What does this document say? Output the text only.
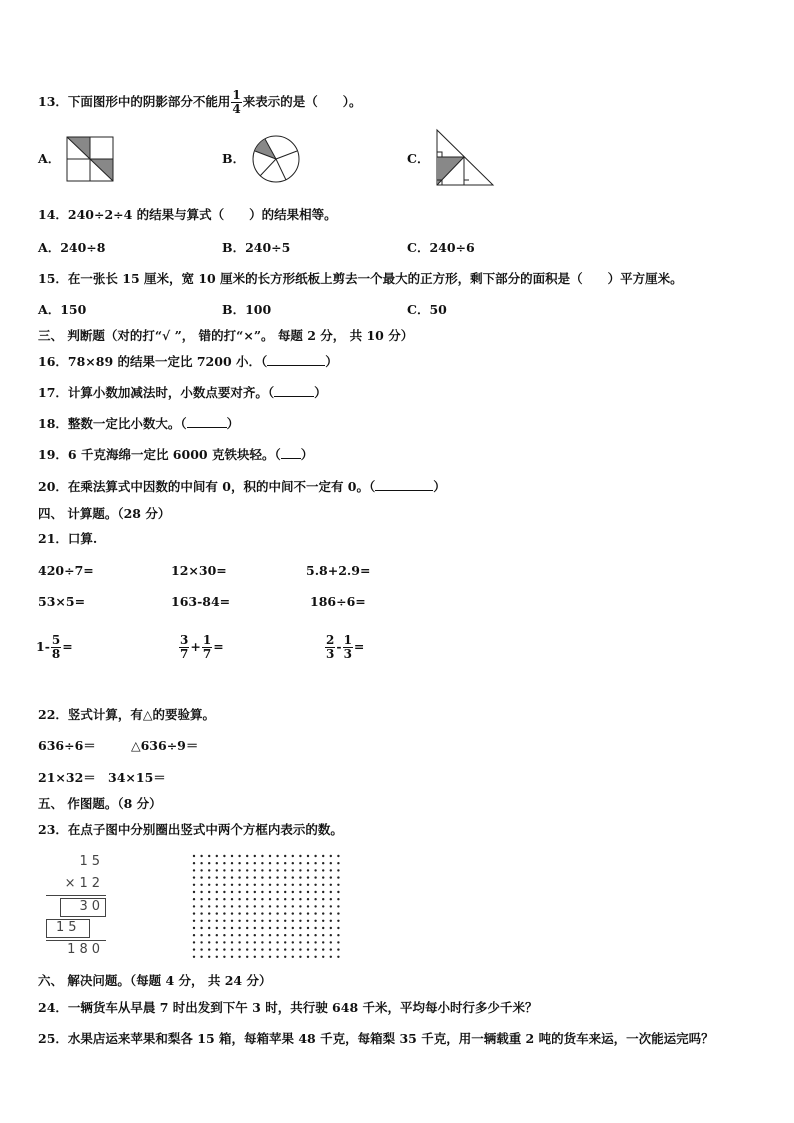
13．下面图形中的阴影部分不能用 $\frac{1}{4}$ 来表示的是（　　）。
A．	B．	C．
14．240÷2÷4 的结果与算式（　　）的结果相等。
A．240÷8	B．240÷5	C．240÷6
15．在一张长 15 厘米，宽 10 厘米的长方形纸板上剪去一个最大的正方形，剩下部分的面积是（　　）平方厘米。
A．150	B．100	C．50
三、 判断题（对的打“√ ”， 错的打“×”。 每题 2 分， 共 10 分）
16．78×89 的结果一定比 7200 小．（	）
17．计算小数加减法时，小数点要对齐。（	）
18．整数一定比小数大。（	）
19．6 千克海绵一定比 6000 克铁块轻。（ ）
20．在乘法算式中因数的中间有 0，积的中间不一定有 0。（	）
四、 计算题。（28 分）
21．口算.
420÷7=	12×30=	5.8+2.9=
53×5=	163-84=	186÷6=
$1- \frac{5}{8}$ =	$\frac{3}{7} + \frac{1}{7}$ =	$\frac{2}{3} - \frac{1}{3}$ =
22．竖式计算，有△的要验算。
636÷6＝	△636÷9＝
21×32＝ 34×15＝
五、 作图题。（8 分）
23．在点子图中分别圈出竖式中两个方框内表示的数。
15
×12
30
15
180
六、 解决问题。（每题 4 分， 共 24 分）
24．一辆货车从早晨 7 时出发到下午 3 时，共行驶 648 千米，平均每小时行多少千米？
25．水果店运来苹果和梨各 15 箱，每箱苹果 48 千克，每箱梨 35 千克，用一辆载重 2 吨的货车来运，一次能运完吗？
